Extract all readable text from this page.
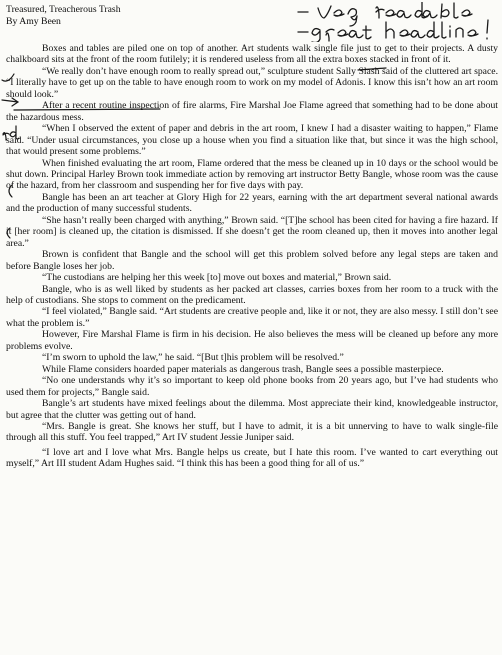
Treasured, Treacherous Trash
By Amy Been

Boxes and tables are piled one on top of another. Art students walk single file just to get to their projects. A dusty chalkboard sits at the front of the room futilely; it is rendered useless from all the extra boxes stacked in front of it.

“We really don’t have enough room to really spread out,” sculpture student Sally Slash said of the cluttered art space. “I literally have to get up on the table to have enough room to work on my model of Adonis. I know this isn’t how an art room should look.”

After a recent routine inspection of fire alarms, Fire Marshal Joe Flame agreed that something had to be done about the hazardous mess.

“When I observed the extent of paper and debris in the art room, I knew I had a disaster waiting to happen,” Flame said. “Under usual circumstances, you close up a house when you find a situation like that, but since it was the high school, that would present some problems.”

When finished evaluating the art room, Flame ordered that the mess be cleaned up in 10 days or the school would be shut down. Principal Harley Brown took immediate action by removing art instructor Betty Bangle, whose room was the cause of the hazard, from her classroom and suspending her for five days with pay.

Bangle has been an art teacher at Glory High for 22 years, earning with the art department several national awards and the production of many successful students.

“She hasn’t really been charged with anything,” Brown said. “[T]he school has been cited for having a fire hazard. If it [her room] is cleaned up, the citation is dismissed. If she doesn’t get the room cleaned up, then it moves into another legal area.”

Brown is confident that Bangle and the school will get this problem solved before any legal steps are taken and before Bangle loses her job.

“The custodians are helping her this week [to] move out boxes and material,” Brown said.

Bangle, who is as well liked by students as her packed art classes, carries boxes from her room to a truck with the help of custodians. She stops to comment on the predicament.

“I feel violated,” Bangle said. “Art students are creative people and, like it or not, they are also messy. I still don’t see what the problem is.”

However, Fire Marshal Flame is firm in his decision. He also believes the mess will be cleaned up before any more problems evolve.

“I’m sworn to uphold the law,” he said. “[But t]his problem will be resolved.”

While Flame considers hoarded paper materials as dangerous trash, Bangle sees a possible masterpiece.

“No one understands why it’s so important to keep old phone books from 20 years ago, but I’ve had students who used them for projects,” Bangle said.

Bangle’s art students have mixed feelings about the dilemma. Most appreciate their kind, knowledgeable instructor, but agree that the clutter was getting out of hand.

“Mrs. Bangle is great. She knows her stuff, but I have to admit, it is a bit unnerving to have to walk single-file through all this stuff. You feel trapped,” Art IV student Jessie Juniper said.

“I love art and I love what Mrs. Bangle helps us create, but I hate this room. I’ve wanted to cart everything out myself,” Art III student Adam Hughes said. “I think this has been a good thing for all of us.”
